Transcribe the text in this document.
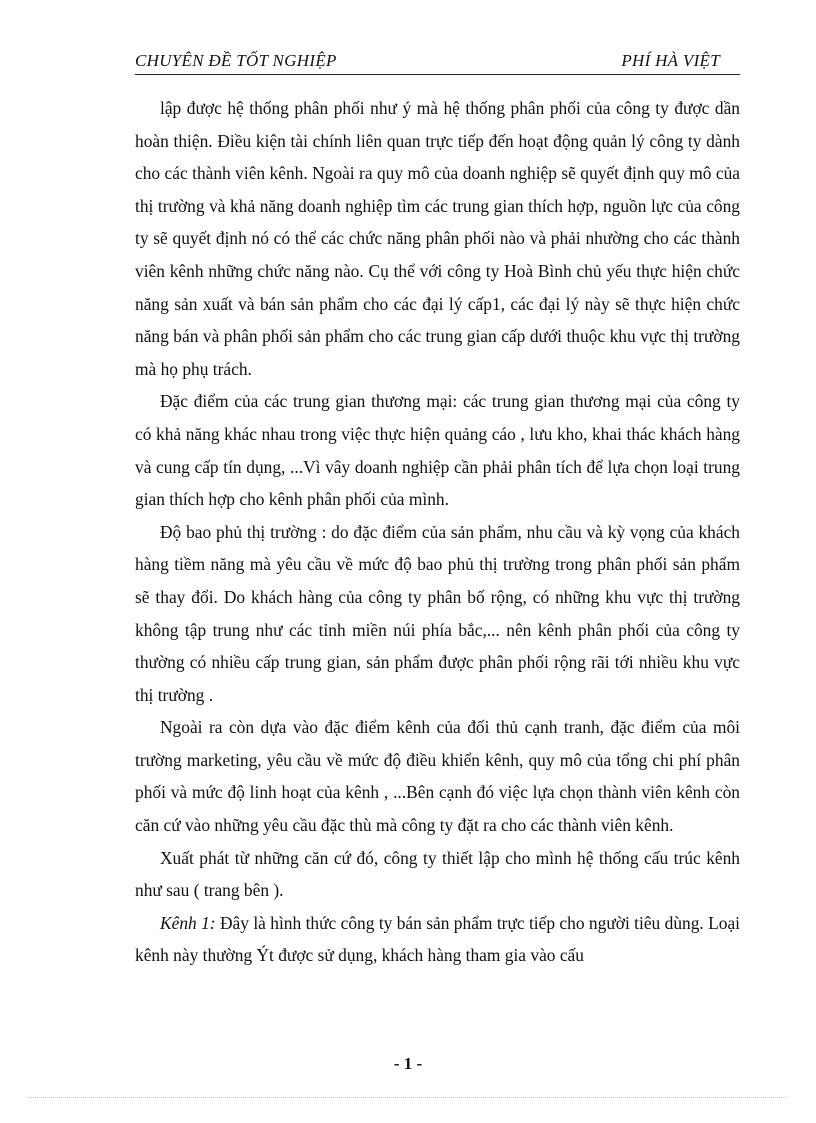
CHUYÊN ĐỀ TỐT NGHIỆP	PHÍ HÀ VIỆT

lập được hệ thống phân phối như ý mà hệ thống phân phối của công ty được dần hoàn thiện. Điều kiện tài chính liên quan trực tiếp đến hoạt động quản lý công ty dành cho các thành viên kênh. Ngoài ra quy mô của doanh nghiệp sẽ quyết định quy mô của thị trường và khả năng doanh nghiệp tìm các trung gian thích hợp, nguồn lực của công ty sẽ quyết định nó có thể các chức năng phân phối nào và phải nhường cho các thành viên kênh những chức năng nào. Cụ thể với công ty Hoà Bình chủ yếu thực hiện chức năng sản xuất và bán sản phẩm cho các đại lý cấp1, các đại lý này sẽ thực hiện chức năng bán và phân phối sản phẩm cho các trung gian cấp dưới thuộc khu vực thị trường mà họ phụ trách.

Đặc điểm của các trung gian thương mại: các trung gian thương mại của công ty có khả năng khác nhau trong việc thực hiện quảng cáo , lưu kho, khai thác khách hàng và cung cấp tín dụng, ...Vì vây doanh nghiệp cần phải phân tích để lựa chọn loại trung gian thích hợp cho kênh phân phối của mình.

Độ bao phủ thị trường : do đặc điểm của sản phẩm, nhu cầu và kỳ vọng của khách hàng tiềm năng mà yêu cầu về mức độ bao phủ thị trường trong phân phối sản phẩm sẽ thay đổi. Do khách hàng của công ty phân bố rộng, có những khu vực thị trường không tập trung như các tỉnh miền núi phía bắc,... nên kênh phân phối của công ty thường có nhiều cấp trung gian, sản phẩm được phân phối rộng rãi tới nhiều khu vực thị trường .

Ngoài ra còn dựa vào đặc điểm kênh của đối thủ cạnh tranh, đặc điểm của môi trường marketing, yêu cầu về mức độ điều khiển kênh, quy mô của tổng chi phí phân phối và mức độ linh hoạt của kênh , ...Bên cạnh đó việc lựa chọn thành viên kênh còn căn cứ vào những yêu cầu đặc thù mà công ty đặt ra cho các thành viên kênh.

Xuất phát từ những căn cứ đó, công ty thiết lập cho mình hệ thống cấu trúc kênh như sau ( trang bên ).

Kênh 1: Đây là hình thức công ty bán sản phẩm trực tiếp cho người tiêu dùng. Loại kênh này thường Ýt được sử dụng, khách hàng tham gia vào cấu

- 1 -
